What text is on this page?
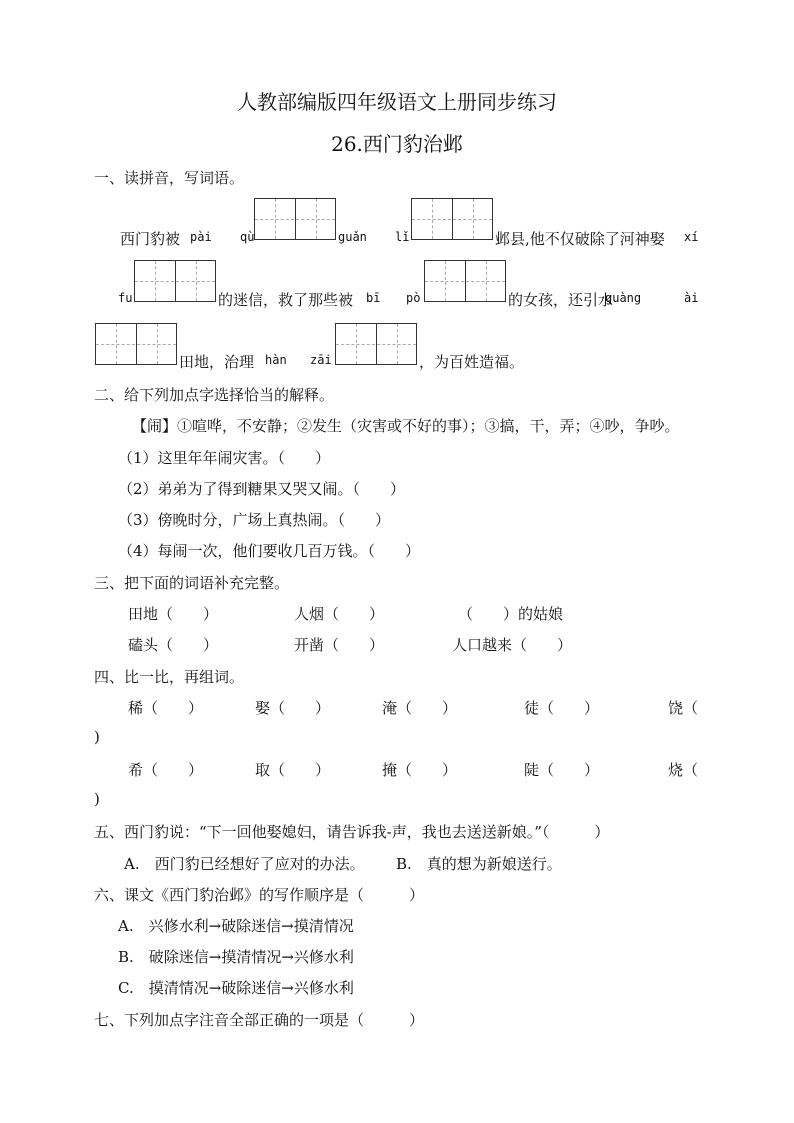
人教部编版四年级语文上册同步练习
26.西门豹治邺
一、读拼音，写词语。
西门豹被 pài qù	guǎn lǐ	邺县,他不仅破除了河神娶 xí
fu	的迷信，救了那些被 bī pò	的女孩，还引水
guàng	ài
田地，治理 hàn zāi	，为百姓造福。
二、给下列加点字选择恰当的解释。
【闹】①喧哗，不安静；②发生（灾害或不好的事）；③搞，干，弄；④吵，争吵。
（1）这里年年闹灾害。（　　）
（2）弟弟为了得到糖果又哭又闹。（　　）
（3）傍晚时分，广场上真热闹。（　　）
（4）每闹一次，他们要收几百万钱。（　　）
三、把下面的词语补充完整。
田地（　　）	人烟（　　）	（　　）的姑娘
磕头（　　）	开凿（　　）	人口越来（　　）
四、比一比，再组词。
稀（　　）	娶（　　）	淹（　　）	徒（　　）	饶（
)
希（　　）	取（　　）	掩（　　）	陡（　　）	烧（
)
五、西门豹说：“下一回他娶媳妇，请告诉我-声，我也去送送新娘。”（　　　）
A.　西门豹已经想好了应对的办法。 B.　真的想为新娘送行。
六、课文《西门豹治邺》的写作顺序是（　　　）
A.　兴修水利→破除迷信→摸清情况
B.　破除迷信→摸清情况→兴修水利
C.　摸清情况→破除迷信→兴修水利
七、下列加点字注音全部正确的一项是（　　　）
